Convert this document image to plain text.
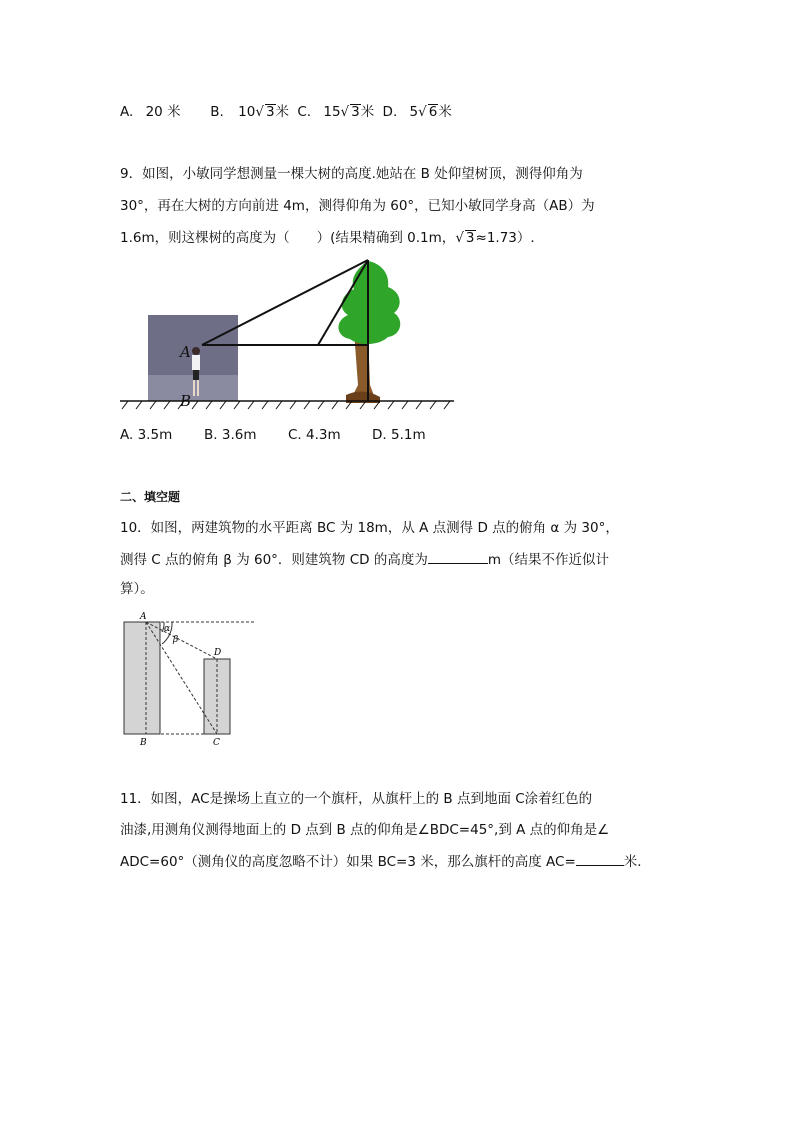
A. 20 米 B. 10√ 3米 C. 15√ 3米 D. 5√ 6米
9．如图，小敏同学想测量一棵大树的高度.她站在 B 处仰望树顶，测得仰角为
30°，再在大树的方向前进 4m，测得仰角为 60°，已知小敏同学身高（AB）为
1.6m，则这棵树的高度为（　　）(结果精确到 0.1m，√ 3≈1.73）.
A
B
A. 3.5m B. 3.6m C. 4.3m D. 5.1m
二、填空题
10．如图，两建筑物的水平距离 BC 为 18m，从 A 点测得 D 点的俯角 α 为 30°，
测得 C 点的俯角 β 为 60°．则建筑物 CD 的高度为	m（结果不作近似计
算）。
A
α
β
D
B	C
11．如图，AC是操场上直立的一个旗杆，从旗杆上的 B 点到地面 C涂着红色的
油漆,用测角仪测得地面上的 D 点到 B 点的仰角是∠BDC=45°,到 A 点的仰角是∠
ADC=60°（测角仪的高度忽略不计）如果 BC=3 米，那么旗杆的高度 AC=	米.
